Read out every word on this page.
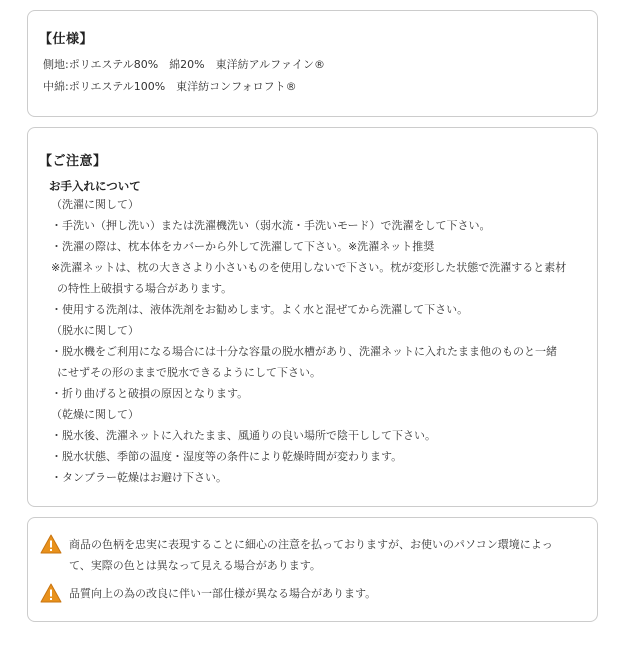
【仕様】
側地:ポリエステル80%　綿20%　東洋紡アルファイン®
中綿:ポリエステル100%　東洋紡コンフォロフト®
【ご注意】
お手入れについて
（洗濯に関して）
・手洗い（押し洗い）または洗濯機洗い（弱水流・手洗いモード）で洗濯をして下さい。
・洗濯の際は、枕本体をカバーから外して洗濯して下さい。※洗濯ネット推奨
※洗濯ネットは、枕の大きさより小さいものを使用しないで下さい。枕が変形した状態で洗濯すると素材
の特性上破損する場合があります。
・使用する洗剤は、液体洗剤をお勧めします。よく水と混ぜてから洗濯して下さい。
（脱水に関して）
・脱水機をご利用になる場合には十分な容量の脱水槽があり、洗濯ネットに入れたまま他のものと一緒
にせずその形のままで脱水できるようにして下さい。
・折り曲げると破損の原因となります。
（乾燥に関して）
・脱水後、洗濯ネットに入れたまま、風通りの良い場所で陰干しして下さい。
・脱水状態、季節の温度・湿度等の条件により乾燥時間が変わります。
・タンブラー乾燥はお避け下さい。
商品の色柄を忠実に表現することに細心の注意を払っておりますが、お使いのパソコン環境によっ
て、実際の色とは異なって見える場合があります。
品質向上の為の改良に伴い一部仕様が異なる場合があります。
